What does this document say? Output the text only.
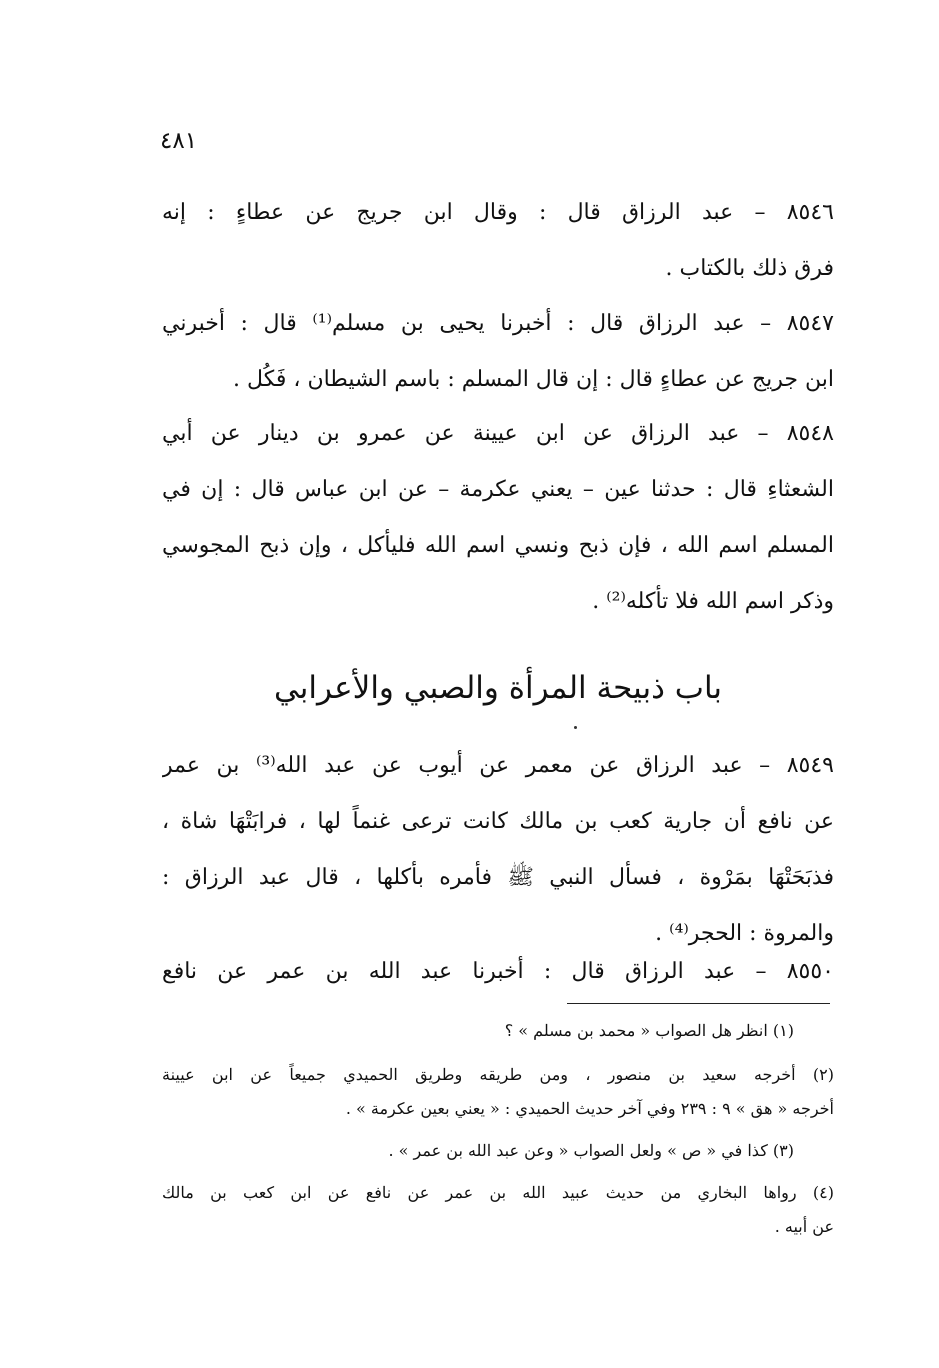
٤٨١
٨٥٤٦ – عبد الرزاق قال : وقال ابن جريج عن عطاءٍ : إنه
فرق ذلك بالكتاب .
٨٥٤٧ – عبد الرزاق قال : أخبرنا يحيى بن مسلم⁽¹⁾ قال : أخبرني
ابن جريج عن عطاءٍ قال : إن قال المسلم : باسم الشيطان ، فَكُل .
٨٥٤٨ – عبد الرزاق عن ابن عيينة عن عمرو بن دينار عن أبي
الشعثاءِ قال : حدثنا عين – يعني عكرمة – عن ابن عباس قال : إن في
المسلم اسم الله ، فإن ذبح ونسي اسم الله فليأكل ، وإن ذبح المجوسي
وذكر اسم الله فلا تأكله⁽²⁾ .
باب ذبيحة المرأة والصبي والأعرابي
٨٥٤٩ – عبد الرزاق عن معمر عن أيوب عن عبد الله⁽³⁾ بن عمر
عن نافع أن جارية كعب بن مالك كانت ترعى غنماً لها ، فرابَتْهَا شاة ،
فذبَحَتْهَا بمَرْوة ، فسأل النبي ﷺ فأمره بأكلها ، قال عبد الرزاق :
والمروة : الحجر⁽⁴⁾ .
٨٥٥٠ – عبد الرزاق قال : أخبرنا عبد الله بن عمر عن نافع
(١) انظر هل الصواب « محمد بن مسلم » ؟
(٢) أخرجه سعيد بن منصور ، ومن طريقه وطريق الحميدي جميعاً عن ابن عيينة
أخرجه « هق » ٩ : ٢٣٩ وفي آخر حديث الحميدي : « يعني بعين عكرمة » .
(٣) كذا في « ص » ولعل الصواب « وعن عبد الله بن عمر » .
(٤) رواها البخاري من حديث عبيد الله بن عمر عن نافع عن ابن كعب بن مالك
عن أبيه .
